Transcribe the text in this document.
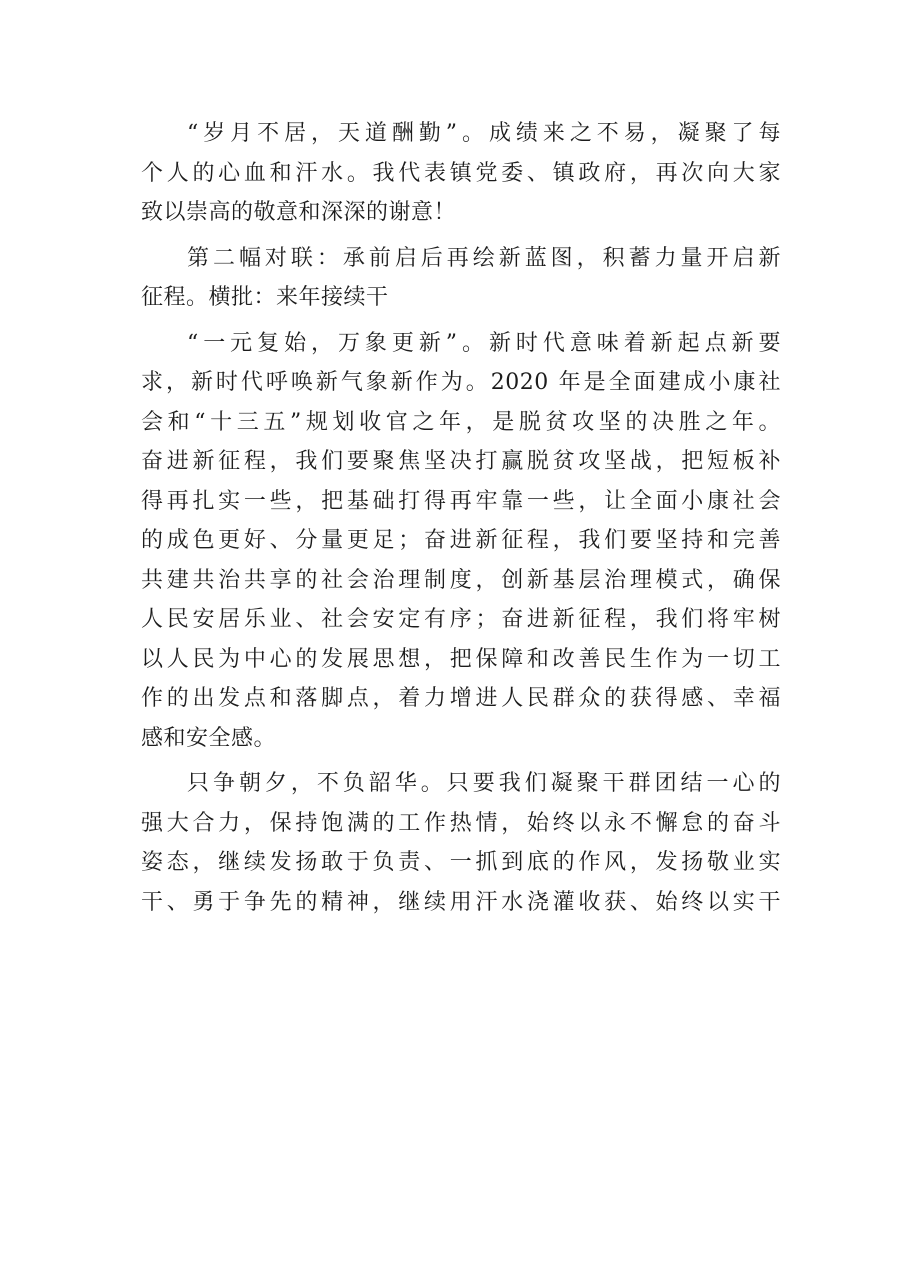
“岁月不居，天道酬勤”。成绩来之不易，凝聚了每
个人的心血和汗水。我代表镇党委、镇政府，再次向大家
致以崇高的敬意和深深的谢意！
第二幅对联：承前启后再绘新蓝图，积蓄力量开启新
征程。横批：来年接续干
“一元复始，万象更新”。新时代意味着新起点新要
求，新时代呼唤新气象新作为。2020 年是全面建成小康社
会和“十三五”规划收官之年，是脱贫攻坚的决胜之年。
奋进新征程，我们要聚焦坚决打赢脱贫攻坚战，把短板补
得再扎实一些，把基础打得再牢靠一些，让全面小康社会
的成色更好、分量更足；奋进新征程，我们要坚持和完善
共建共治共享的社会治理制度，创新基层治理模式，确保
人民安居乐业、社会安定有序；奋进新征程，我们将牢树
以人民为中心的发展思想，把保障和改善民生作为一切工
作的出发点和落脚点，着力增进人民群众的获得感、幸福
感和安全感。
只争朝夕，不负韶华。只要我们凝聚干群团结一心的
强大合力，保持饱满的工作热情，始终以永不懈怠的奋斗
姿态，继续发扬敢于负责、一抓到底的作风，发扬敬业实
干、勇于争先的精神，继续用汗水浇灌收获、始终以实干
